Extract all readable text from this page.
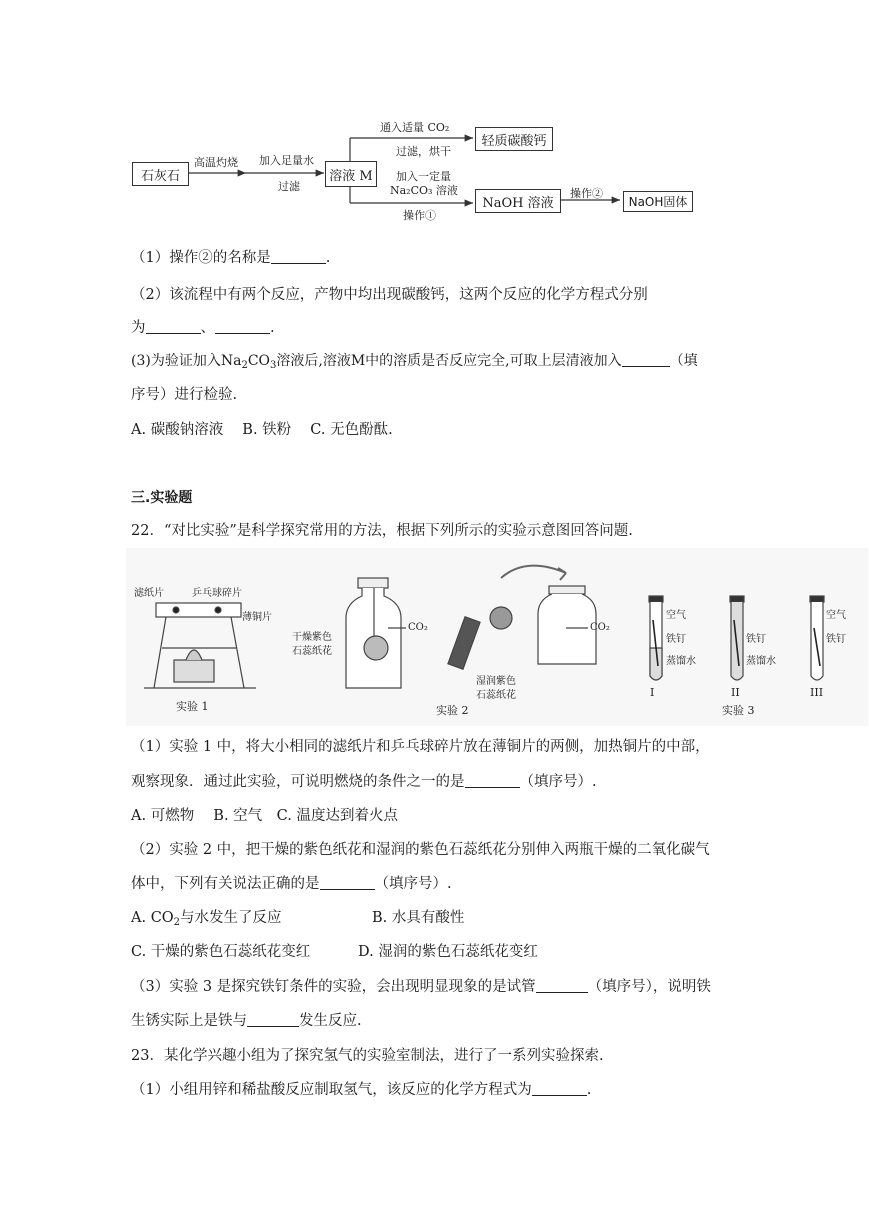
石灰石
高温灼烧 加入足量水
过滤
溶液 M
通入适量 CO₂
过滤，烘干
轻质碳酸钙
加入一定量
Na₂CO₃ 溶液
操作①
NaOH 溶液
操作②
NaOH固体
（1）操作②的名称是	.
（2）该流程中有两个反应，产物中均出现碳酸钙，这两个反应的化学方程式分别
为	、	.
(3)为验证加入$Na_2CO_3$溶液后,溶液M中的溶质是否反应完全,可取上层清液加入	（填
序号）进行检验.
A. 碳酸钠溶液　 B. 铁粉　 C. 无色酚酞.
三.实验题
22．“对比实验”是科学探究常用的方法，根据下列所示的实验示意图回答问题.
滤纸片	乒乓球碎片
薄铜片
实验 1
干燥紫色
石蕊纸花
CO₂
湿润紫色
石蕊纸花
CO₂
实验 2
空气
铁钉
蒸馏水
铁钉
蒸馏水
空气
铁钉
I	II	III
实验 3
（1）实验 1 中，将大小相同的滤纸片和乒乓球碎片放在薄铜片的两侧，加热铜片的中部，
观察现象．通过此实验，可说明燃烧的条件之一的是	（填序号）.
A. 可燃物　 B. 空气　C. 温度达到着火点
（2）实验 2 中，把干燥的紫色纸花和湿润的紫色石蕊纸花分别伸入两瓶干燥的二氧化碳气
体中，下列有关说法正确的是	（填序号）.
A. $CO_2$与水发生了反应	B. 水具有酸性
C. 干燥的紫色石蕊纸花变红	D. 湿润的紫色石蕊纸花变红
（3）实验 3 是探究铁钉条件的实验，会出现明显现象的是试管	（填序号），说明铁
生锈实际上是铁与	发生反应.
23．某化学兴趣小组为了探究氢气的实验室制法，进行了一系列实验探索.
（1）小组用锌和稀盐酸反应制取氢气，该反应的化学方程式为	.
